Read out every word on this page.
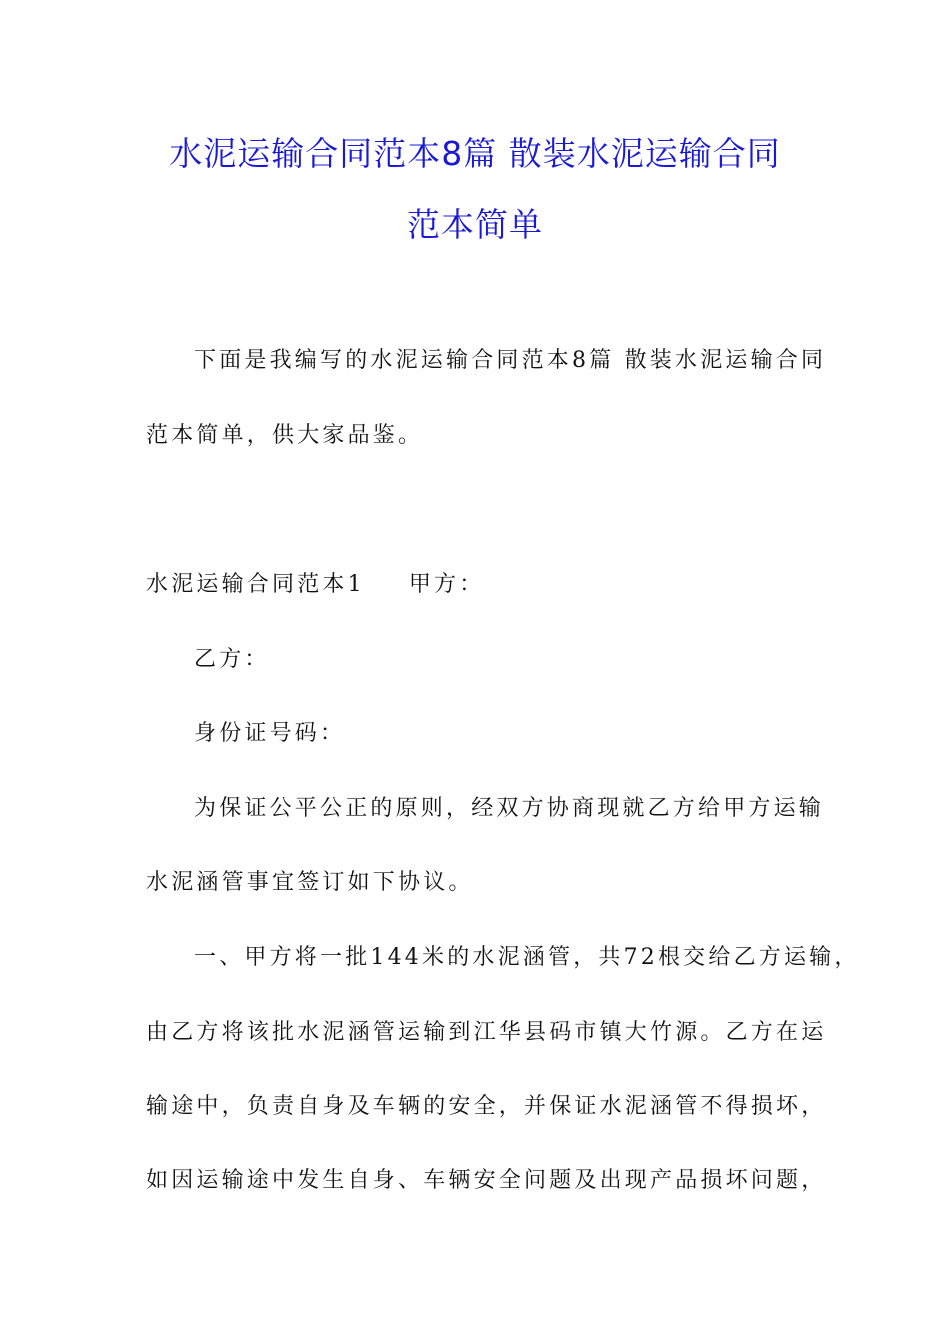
水泥运输合同范本8篇 散装水泥运输合同
范本简单
下面是我编写的水泥运输合同范本8篇 散装水泥运输合同
范本简单，供大家品鉴。
水泥运输合同范本1 甲方：
乙方：
身份证号码：
为保证公平公正的原则，经双方协商现就乙方给甲方运输
水泥涵管事宜签订如下协议。
一、甲方将一批144米的水泥涵管，共72根交给乙方运输，
由乙方将该批水泥涵管运输到江华县码市镇大竹源。乙方在运
输途中，负责自身及车辆的安全，并保证水泥涵管不得损坏，
如因运输途中发生自身、车辆安全问题及出现产品损坏问题，
